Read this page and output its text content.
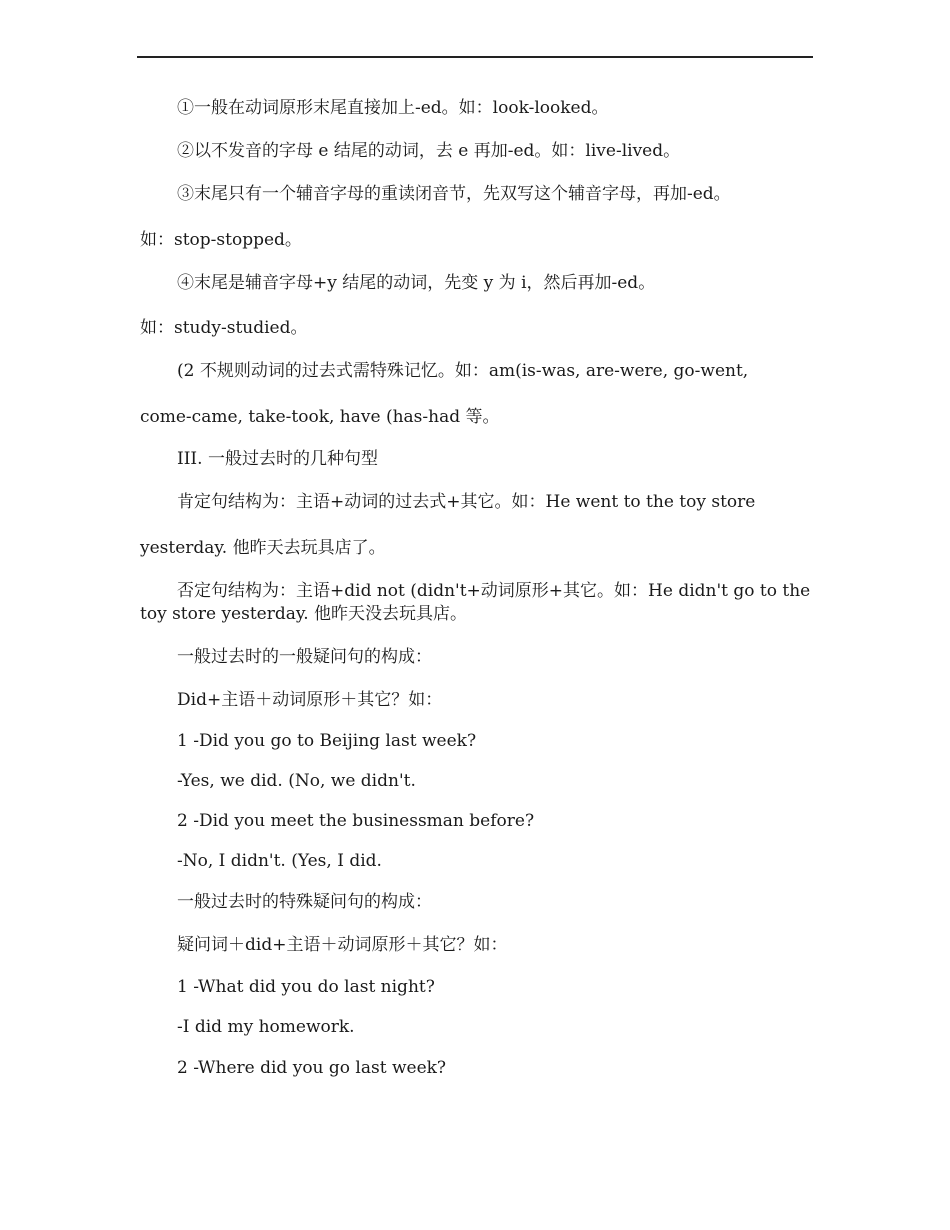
①一般在动词原形末尾直接加上-ed。如：look-looked。
②以不发音的字母 e 结尾的动词，去 e 再加-ed。如：live-lived。
③末尾只有一个辅音字母的重读闭音节，先双写这个辅音字母，再加-ed。
如：stop-stopped。
④末尾是辅音字母+y 结尾的动词，先变 y 为 i，然后再加-ed。
如：study-studied。
(2 不规则动词的过去式需特殊记忆。如：am(is-was, are-were, go-went,
come-came, take-took, have (has-had 等。
III. 一般过去时的几种句型
肯定句结构为：主语+动词的过去式+其它。如：He went to the toy store
yesterday. 他昨天去玩具店了。
否定句结构为：主语+did not (didn't+动词原形+其它。如：He didn't go to the
toy store yesterday. 他昨天没去玩具店。
一般过去时的一般疑问句的构成：
Did+主语＋动词原形＋其它？如：
1 -Did you go to Beijing last week?
-Yes, we did. (No, we didn't.
2 -Did you meet the businessman before?
-No, I didn't. (Yes, I did.
一般过去时的特殊疑问句的构成：
疑问词＋did+主语＋动词原形＋其它？如：
1 -What did you do last night?
-I did my homework.
2 -Where did you go last week?
